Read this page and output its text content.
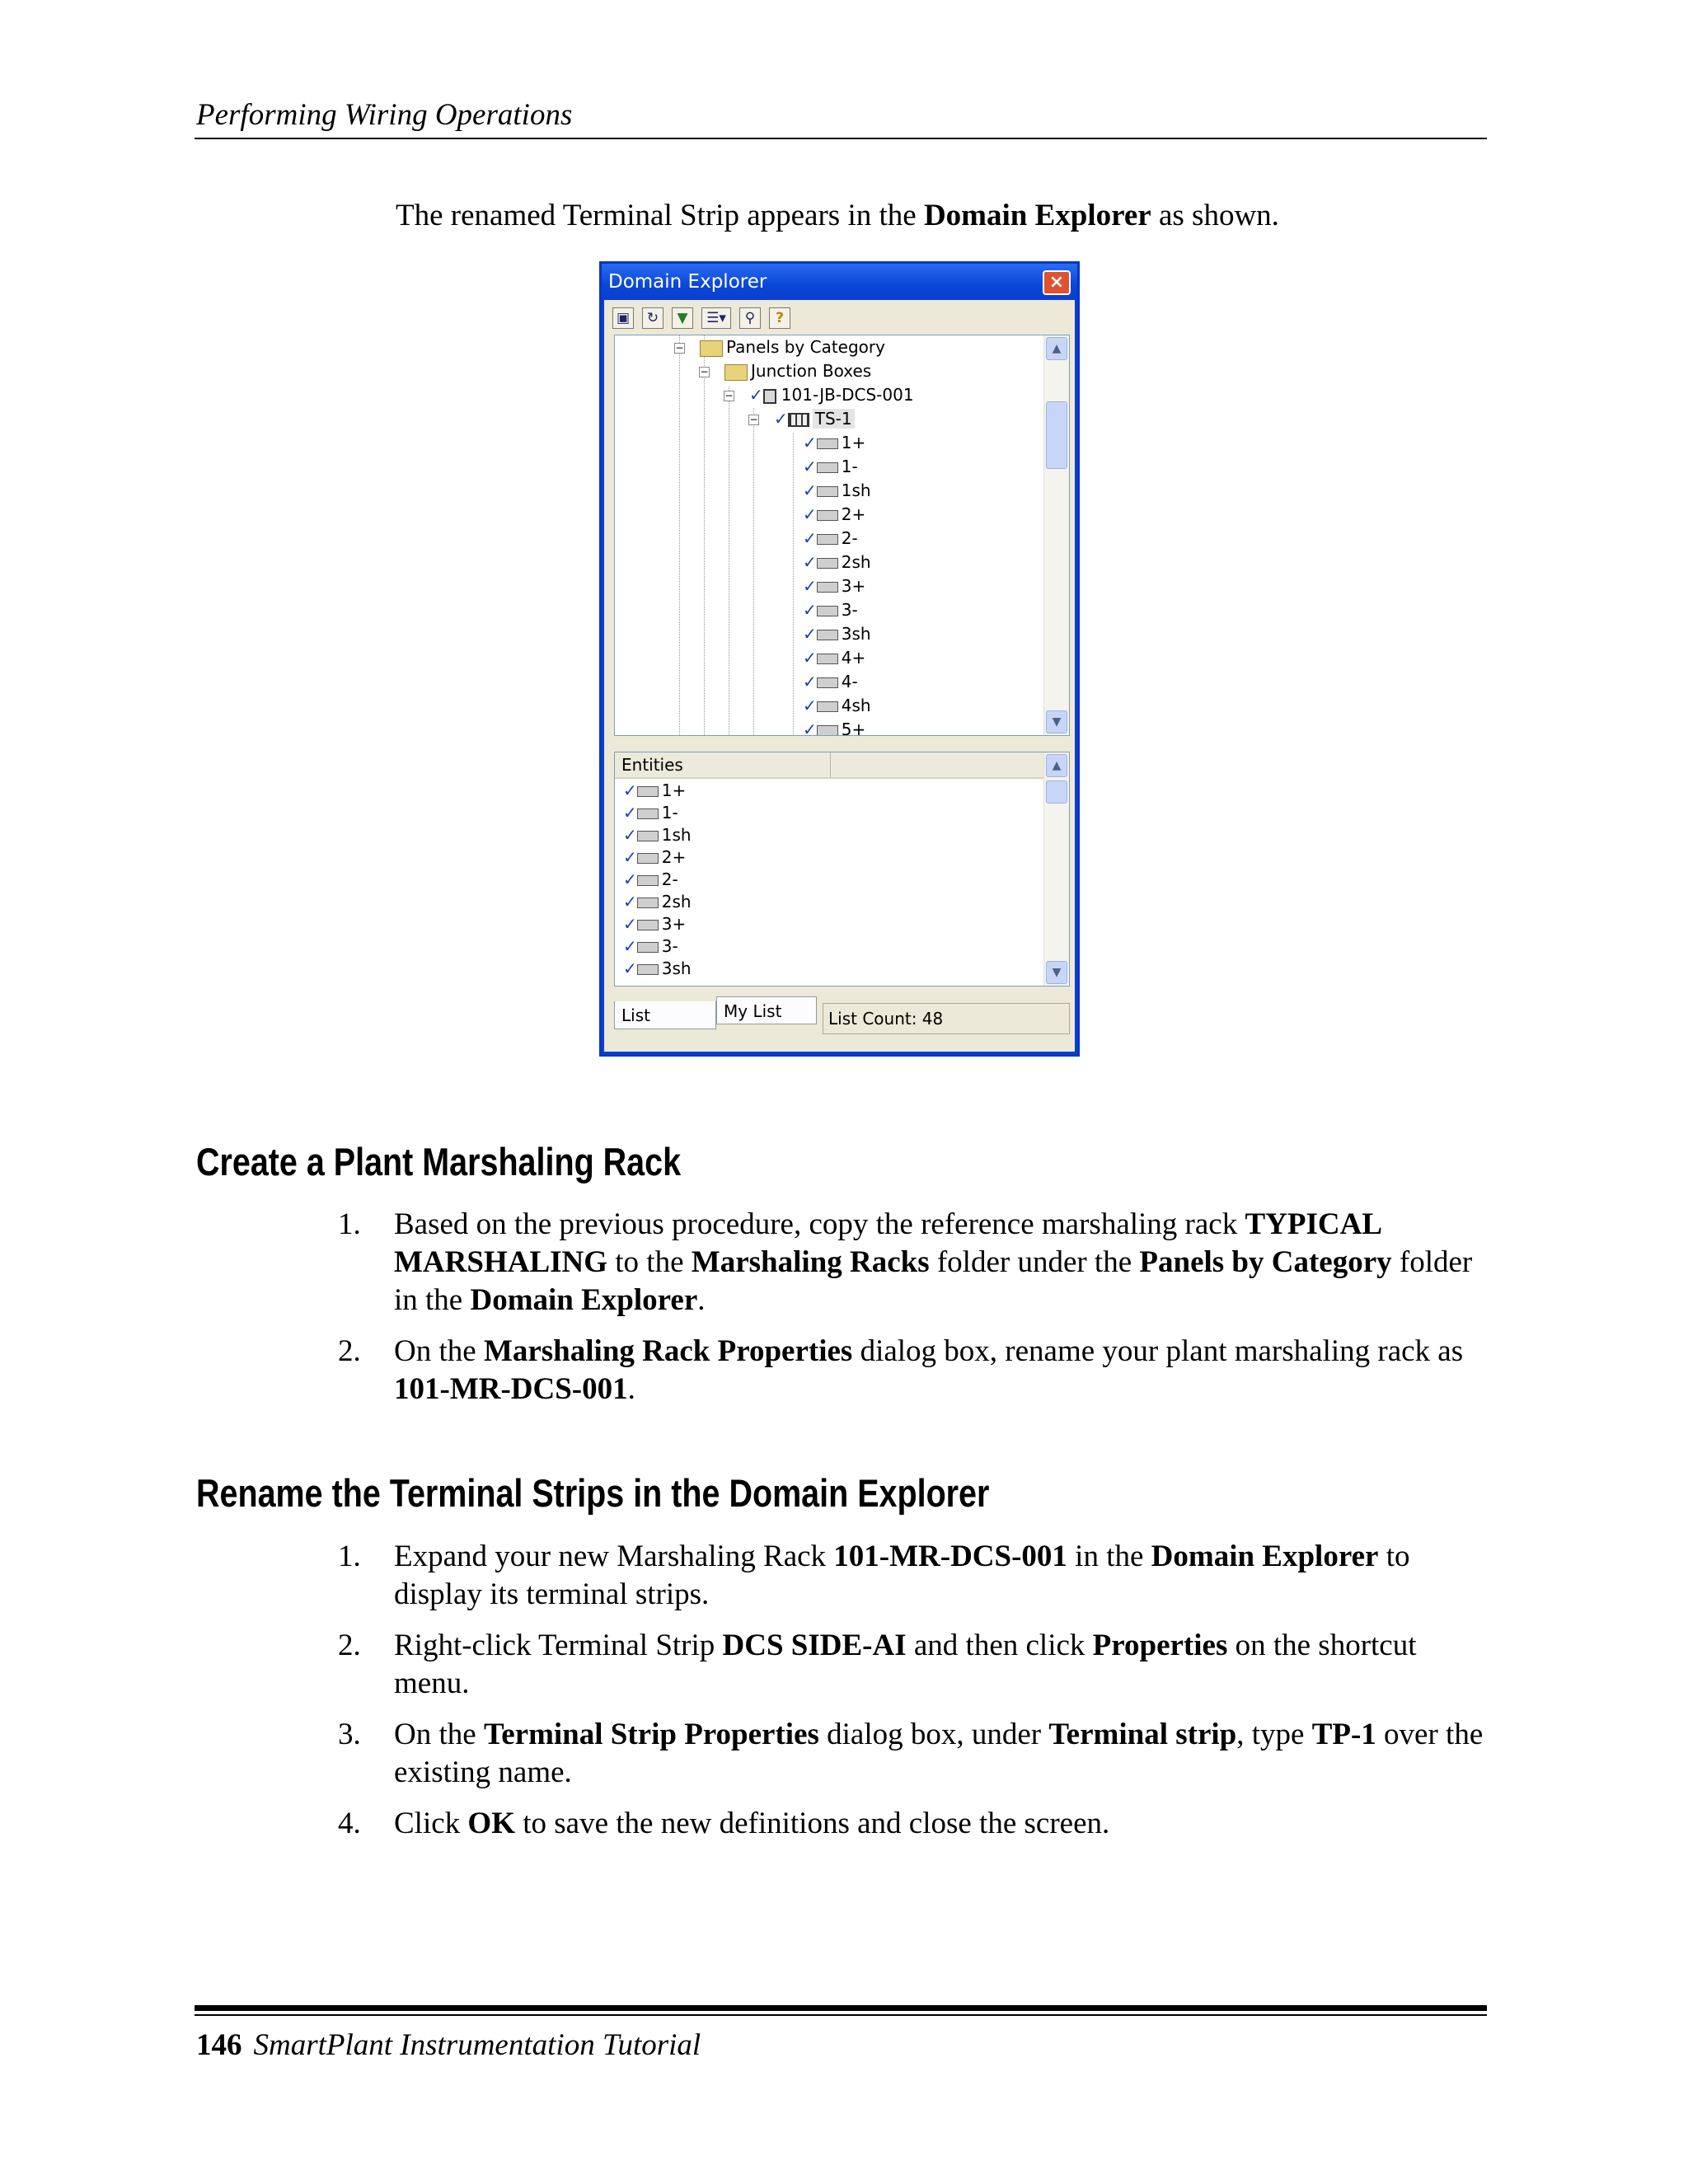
Performing Wiring Operations
The renamed Terminal Strip appears in the Domain Explorer as shown.
Domain Explorer	×
▣	↻	▼	☰▾	⚲	?
−	Panels by Category
−	Junction Boxes
− ✓ 101-JB-DCS-001
− ✓ TS-1
✓ 1+
✓ 1-
✓ 1sh
✓ 2+
✓ 2-
✓ 2sh
✓ 3+
✓ 3-
✓ 3sh
✓ 4+
✓ 4-
✓ 4sh
✓ 5+
▲
▼
Entities
✓ 1+
✓ 1-
✓ 1sh
✓ 2+
✓ 2-
✓ 2sh
✓ 3+
✓ 3-
✓ 3sh
▲
▼
List	My List	List Count: 48
Create a Plant Marshaling Rack
1. Based on the previous procedure, copy the reference marshaling rack TYPICAL MARSHALING to the Marshaling Racks folder under the Panels by Category folder in the Domain Explorer.
2. On the Marshaling Rack Properties dialog box, rename your plant marshaling rack as 101-MR-DCS-001.
Rename the Terminal Strips in the Domain Explorer
1. Expand your new Marshaling Rack 101-MR-DCS-001 in the Domain Explorer to display its terminal strips.
2. Right-click Terminal Strip DCS SIDE-AI and then click Properties on the shortcut menu.
3. On the Terminal Strip Properties dialog box, under Terminal strip, type TP-1 over the existing name.
4. Click OK to save the new definitions and close the screen.
146 SmartPlant Instrumentation Tutorial
